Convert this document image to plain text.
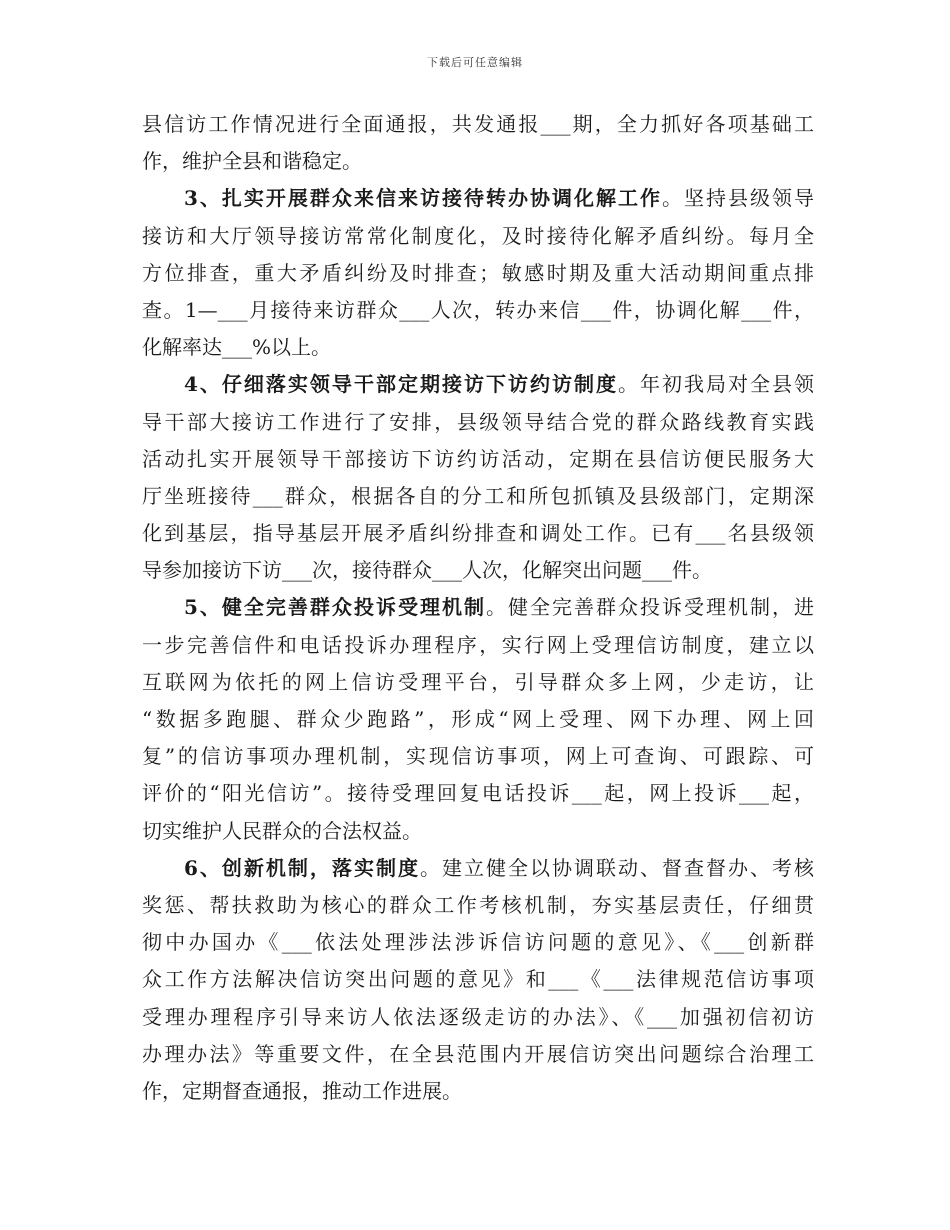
下载后可任意编辑
县信访工作情况进行全面通报，共发通报___期，全力抓好各项基础工
作，维护全县和谐稳定。
3、扎实开展群众来信来访接待转办协调化解工作。坚持县级领导
接访和大厅领导接访常常化制度化，及时接待化解矛盾纠纷。每月全
方位排查，重大矛盾纠纷及时排查；敏感时期及重大活动期间重点排
查。1—___月接待来访群众___人次，转办来信___件，协调化解___件，
化解率达___%以上。
4、仔细落实领导干部定期接访下访约访制度。年初我局对全县领
导干部大接访工作进行了安排，县级领导结合党的群众路线教育实践
活动扎实开展领导干部接访下访约访活动，定期在县信访便民服务大
厅坐班接待___群众，根据各自的分工和所包抓镇及县级部门，定期深
化到基层，指导基层开展矛盾纠纷排查和调处工作。已有___名县级领
导参加接访下访___次，接待群众___人次，化解突出问题___件。
5、健全完善群众投诉受理机制。健全完善群众投诉受理机制，进
一步完善信件和电话投诉办理程序，实行网上受理信访制度，建立以
互联网为依托的网上信访受理平台，引导群众多上网，少走访，让
“数据多跑腿、群众少跑路”，形成“网上受理、网下办理、网上回
复”的信访事项办理机制，实现信访事项，网上可查询、可跟踪、可
评价的“阳光信访”。接待受理回复电话投诉___起，网上投诉___起，
切实维护人民群众的合法权益。
6、创新机制，落实制度。建立健全以协调联动、督查督办、考核
奖惩、帮扶救助为核心的群众工作考核机制，夯实基层责任，仔细贯
彻中办国办《___依法处理涉法涉诉信访问题的意见》、《___创新群
众工作方法解决信访突出问题的意见》和___《___法律规范信访事项
受理办理程序引导来访人依法逐级走访的办法》、《___加强初信初访
办理办法》等重要文件，在全县范围内开展信访突出问题综合治理工
作，定期督查通报，推动工作进展。
